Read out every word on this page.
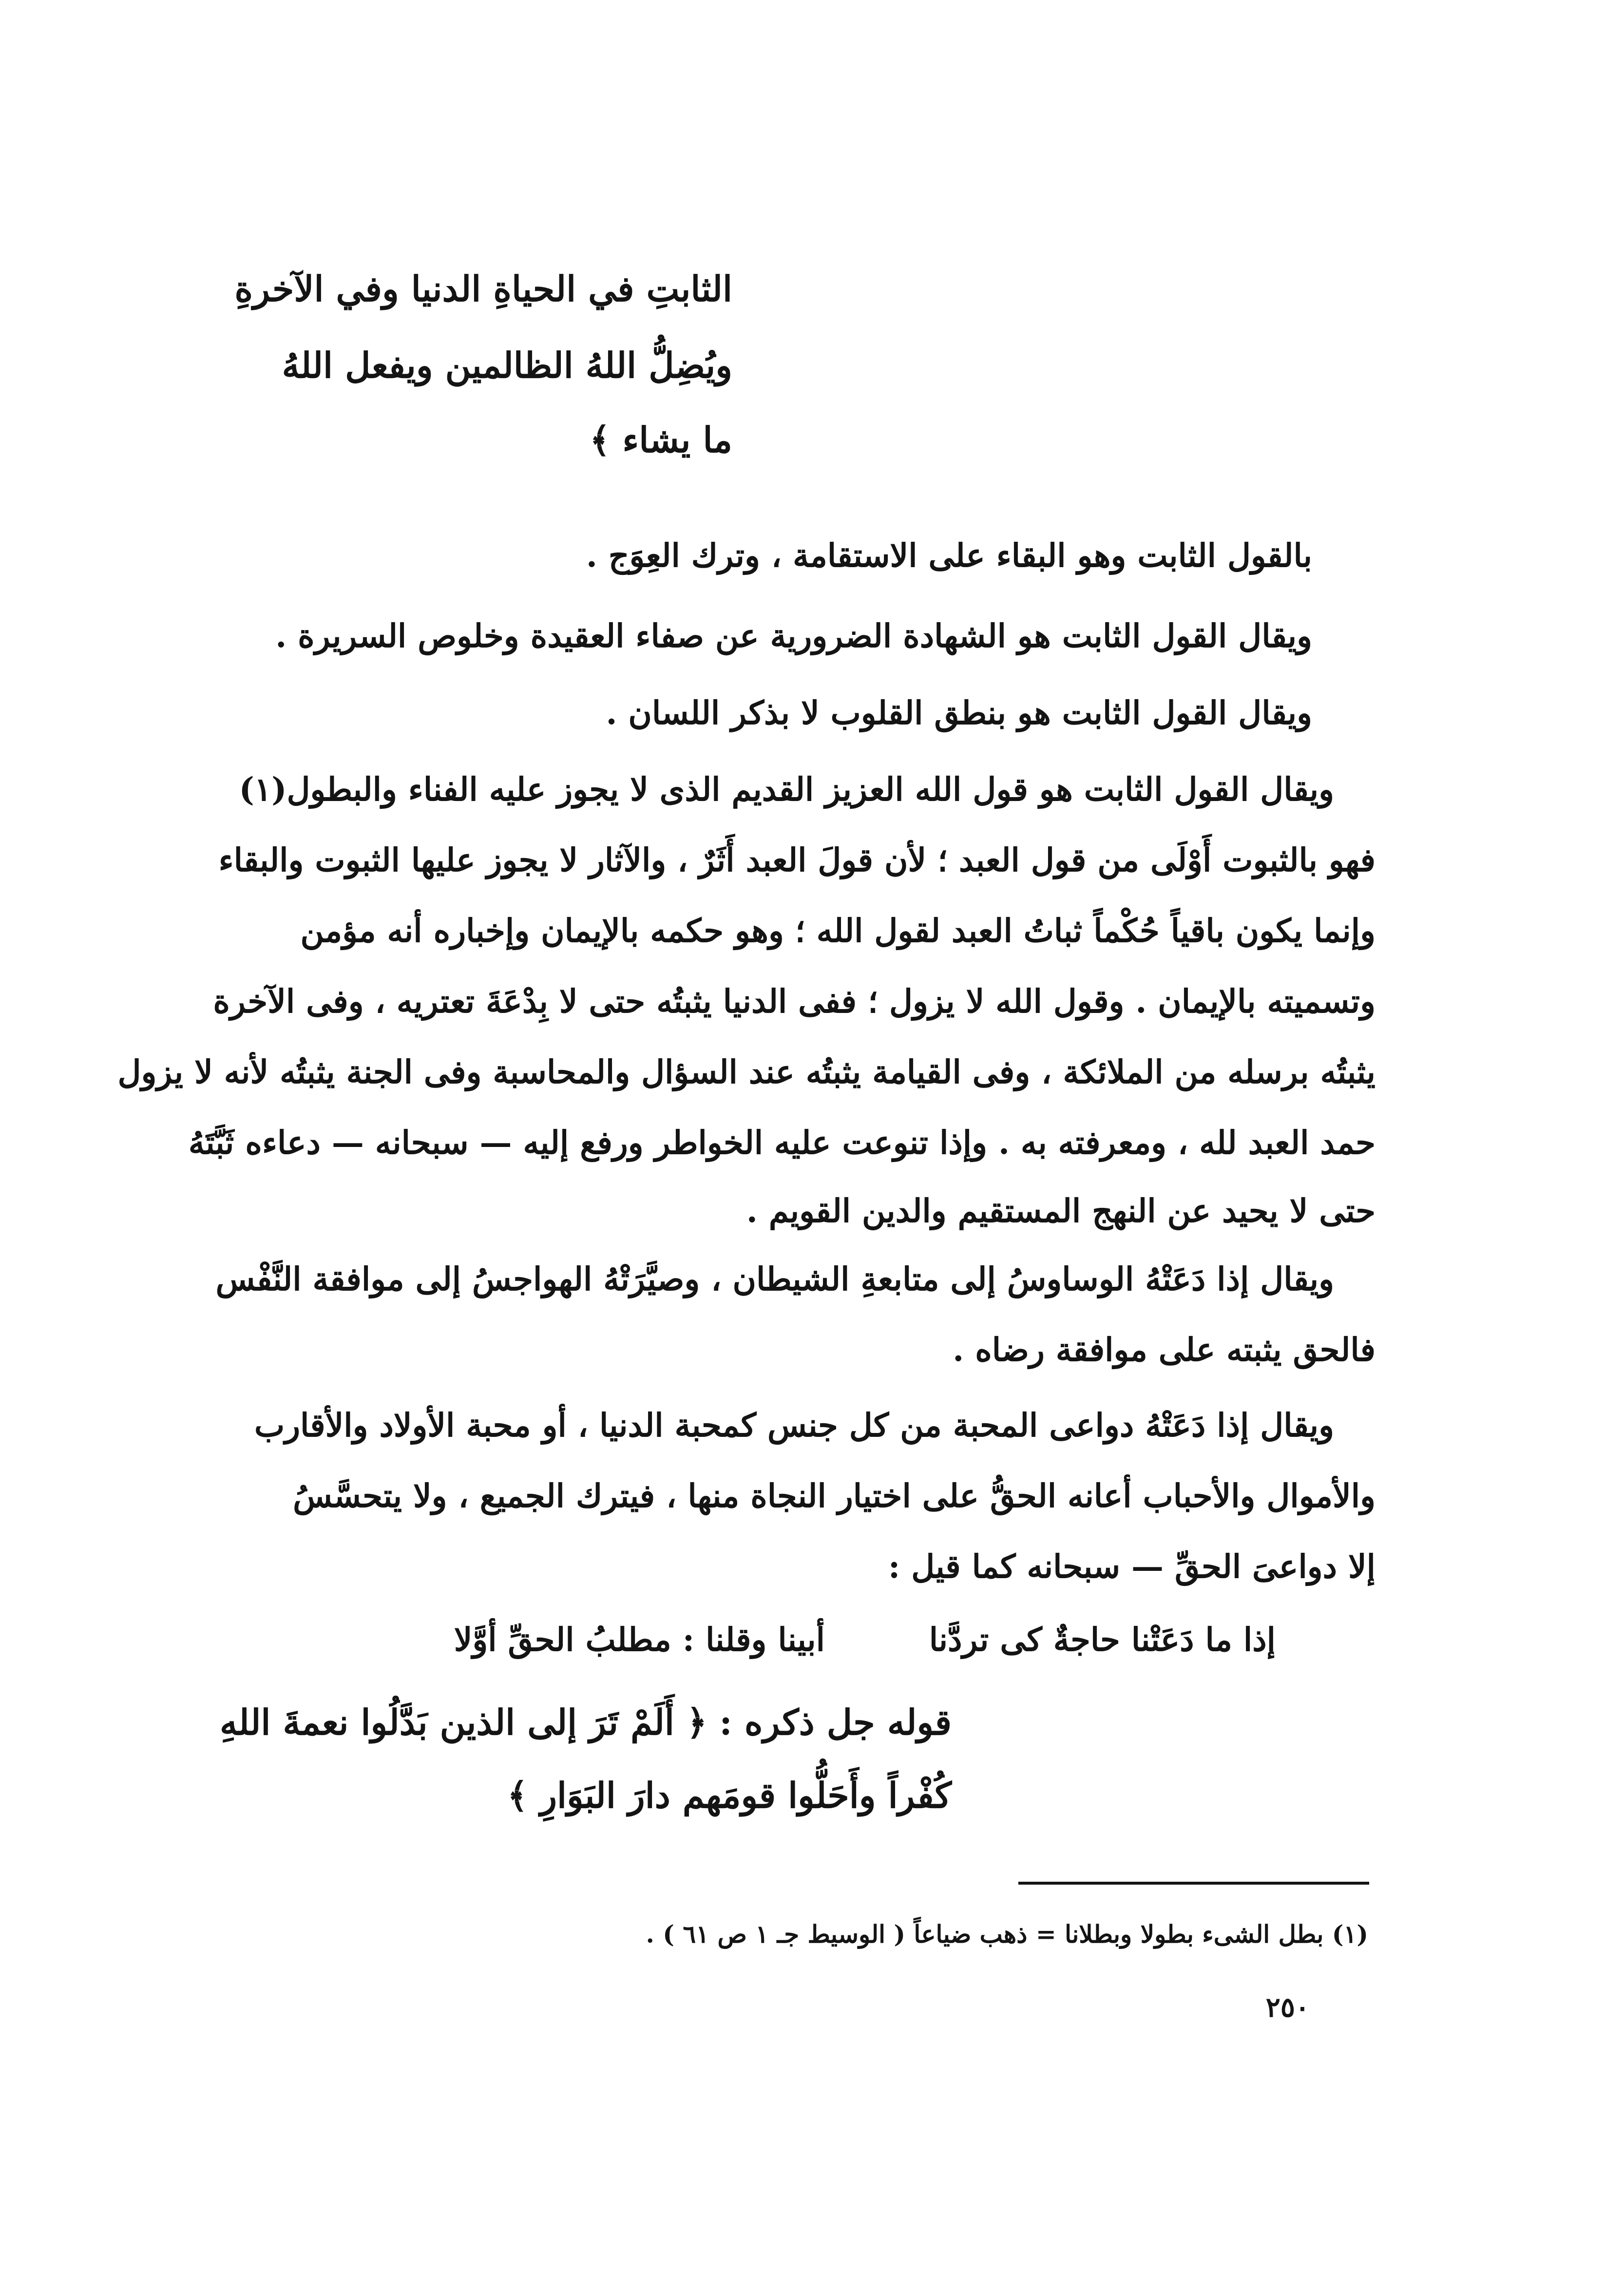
الثابتِ في الحياةِ الدنيا وفي الآخرةِ
ويُضِلُّ اللهُ الظالمين ويفعل اللهُ
ما يشاء ﴾
بالقول الثابت وهو البقاء على الاستقامة ، وترك العِوَج .
ويقال القول الثابت هو الشهادة الضرورية عن صفاء العقيدة وخلوص السريرة .
ويقال القول الثابت هو بنطق القلوب لا بذكر اللسان .
ويقال القول الثابت هو قول الله العزيز القديم الذى لا يجوز عليه الفناء والبطول(١)
فهو بالثبوت أَوْلَى من قول العبد ؛ لأن قولَ العبد أَثَرٌ ، والآثار لا يجوز عليها الثبوت والبقاء
وإنما يكون باقياً حُكْماً ثباتُ العبد لقول الله ؛ وهو حكمه بالإيمان وإخباره أنه مؤمن
وتسميته بالإيمان . وقول الله لا يزول ؛ ففى الدنيا يثبتُه حتى لا بِدْعَةَ تعتريه ، وفى الآخرة
يثبتُه برسله من الملائكة ، وفى القيامة يثبتُه عند السؤال والمحاسبة وفى الجنة يثبتُه لأنه لا يزول
حمد العبد لله ، ومعرفته به . وإذا تنوعت عليه الخواطر ورفع إليه — سبحانه — دعاءه ثَبَّتَهُ
حتى لا يحيد عن النهج المستقيم والدين القويم .
ويقال إذا دَعَتْهُ الوساوسُ إلى متابعةِ الشيطان ، وصيَّرَتْهُ الهواجسُ إلى موافقة النَّفْس
فالحق يثبته على موافقة رضاه .
ويقال إذا دَعَتْهُ دواعى المحبة من كل جنس كمحبة الدنيا ، أو محبة الأولاد والأقارب
والأموال والأحباب أعانه الحقُّ على اختيار النجاة منها ، فيترك الجميع ، ولا يتحسَّسُ
إلا دواعىَ الحقِّ — سبحانه كما قيل :
إذا ما دَعَتْنا حاجةٌ كى تردَّنا
أبينا وقلنا : مطلبُ الحقِّ أوَّلا
قوله جل ذكره : ﴿ أَلَمْ تَرَ إلى الذين بَدَّلُوا نعمةَ اللهِ
كُفْراً وأَحَلُّوا قومَهم دارَ البَوَارِ ﴾
(١) بطل الشىء بطولا وبطلانا = ذهب ضياعاً ( الوسيط جـ ١ ص ٦١ ) .
٢٥٠
